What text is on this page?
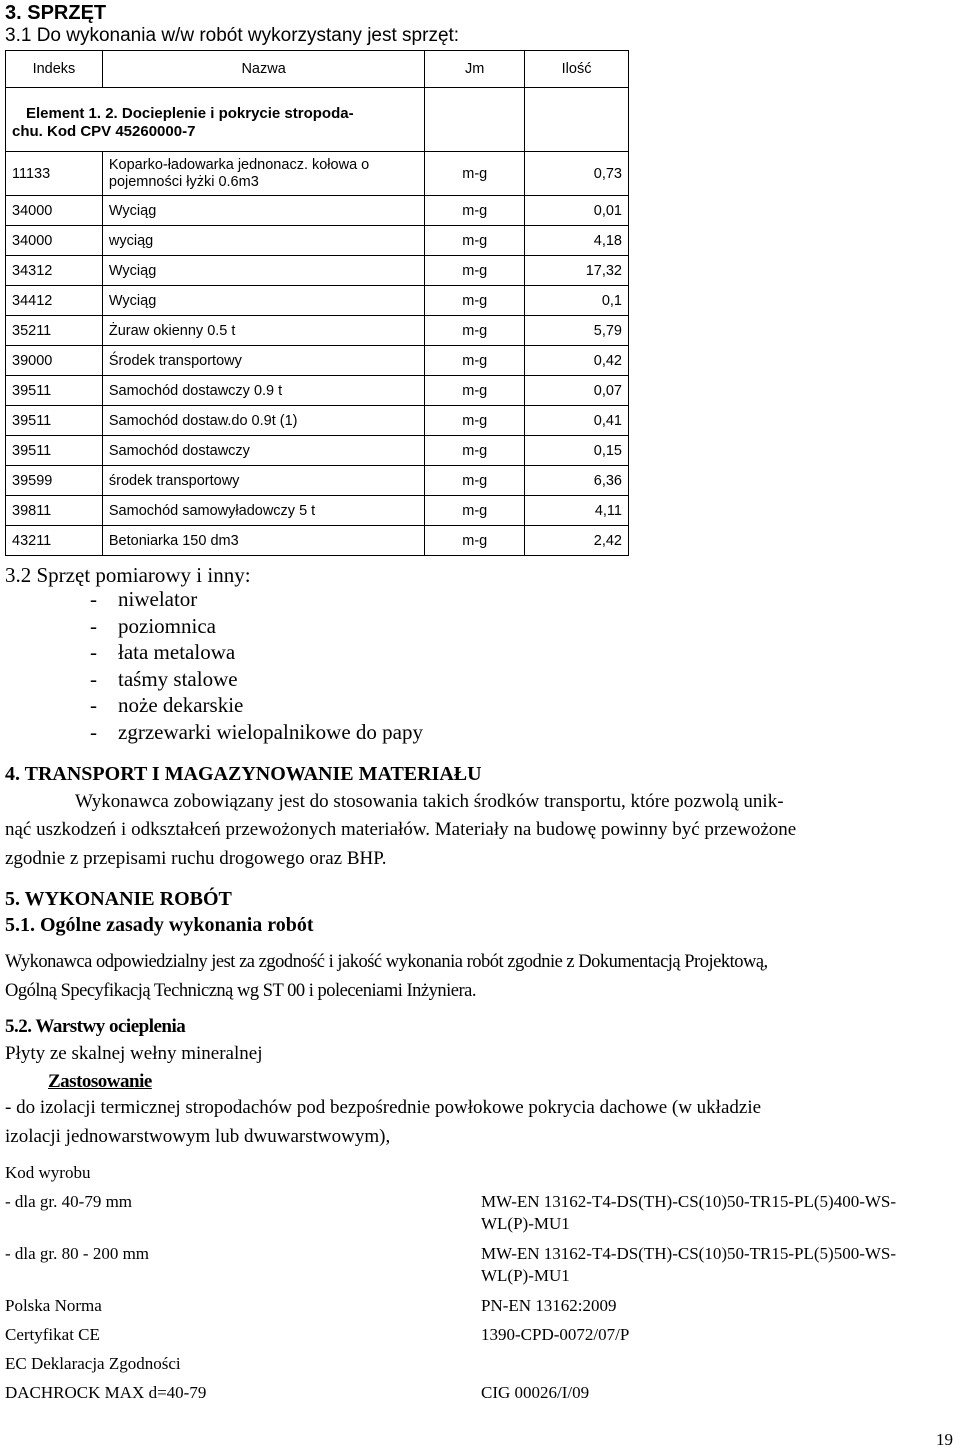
3. SPRZĘT
3.1 Do wykonania w/w robót wykorzystany jest sprzęt:
Indeks	Nazwa	Jm	Ilość

Element 1. 2. Docieplenie i pokrycie stropoda-
chu. Kod CPV 45260000-7			

11133	Koparko-ładowarka jednonacz. kołowa o
pojemności łyżki 0.6m3	m-g	0,73
34000	Wyciąg	m-g	0,01
34000	wyciąg	m-g	4,18
34312	Wyciąg	m-g	17,32
34412	Wyciąg	m-g	0,1
35211	Żuraw okienny 0.5 t	m-g	5,79
39000	Środek transportowy	m-g	0,42
39511	Samochód dostawczy 0.9 t	m-g	0,07
39511	Samochód dostaw.do 0.9t (1)	m-g	0,41
39511	Samochód dostawczy	m-g	0,15
39599	środek transportowy	m-g	6,36
39811	Samochód samowyładowczy 5 t	m-g	4,11
43211	Betoniarka 150 dm3	m-g	2,42
3.2 Sprzęt pomiarowy i inny:
- niwelator
- poziomnica
- łata metalowa
- taśmy stalowe
- noże dekarskie
- zgrzewarki wielopalnikowe do papy
4. TRANSPORT I MAGAZYNOWANIE MATERIAŁU
Wykonawca zobowiązany jest do stosowania takich środków transportu, które pozwolą unik-
nąć uszkodzeń i odkształceń przewożonych materiałów. Materiały na budowę powinny być przewożone
zgodnie z przepisami ruchu drogowego oraz BHP.
5. WYKONANIE ROBÓT
5.1. Ogólne zasady wykonania robót
Wykonawca odpowiedzialny jest za zgodność i jakość wykonania robót zgodnie z Dokumentacją Projektową,
Ogólną Specyfikacją Techniczną wg ST 00 i poleceniami Inżyniera.
5.2. Warstwy ocieplenia
Płyty ze skalnej wełny mineralnej
Zastosowanie
- do izolacji termicznej stropodachów pod bezpośrednie powłokowe pokrycia dachowe (w układzie
izolacji jednowarstwowym lub dwuwarstwowym),
Kod wyrobu
- dla gr. 40-79 mm	MW-EN 13162-T4-DS(TH)-CS(10)50-TR15-PL(5)400-WS-
WL(P)-MU1
- dla gr. 80 - 200 mm	MW-EN 13162-T4-DS(TH)-CS(10)50-TR15-PL(5)500-WS-
WL(P)-MU1
Polska Norma	PN-EN 13162:2009
Certyfikat CE	1390-CPD-0072/07/P
EC Deklaracja Zgodności
DACHROCK MAX d=40-79	CIG 00026/I/09
19
